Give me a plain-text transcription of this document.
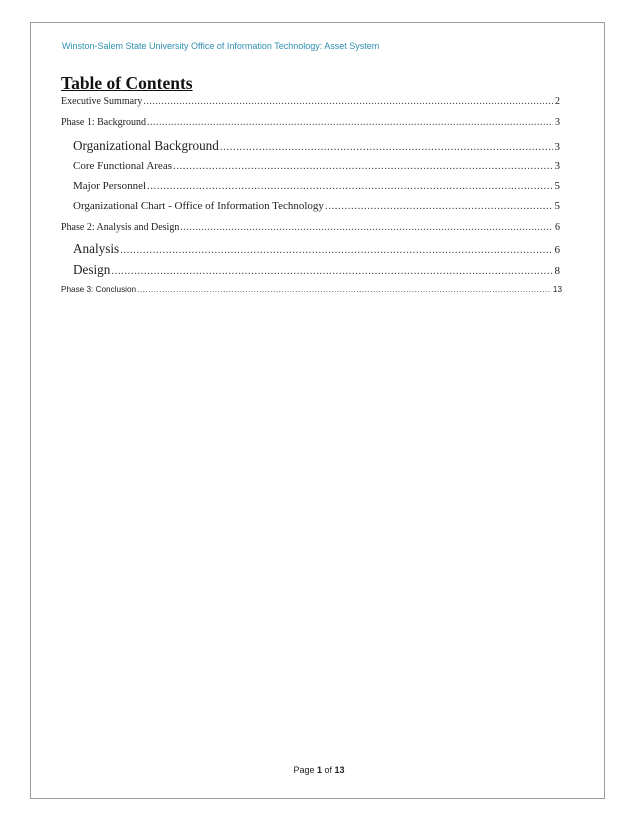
Winston-Salem State University Office of Information Technology: Asset System
Table of Contents
Executive Summary .....	2
Phase 1: Background .....	3
Organizational Background .....	3
Core Functional Areas .....	3
Major Personnel .....	5
Organizational Chart - Office of Information Technology .....	5
Phase 2: Analysis and Design .....	6
Analysis .....	6
Design .....	8
Phase 3: Conclusion .....	13
Page 1 of 13
